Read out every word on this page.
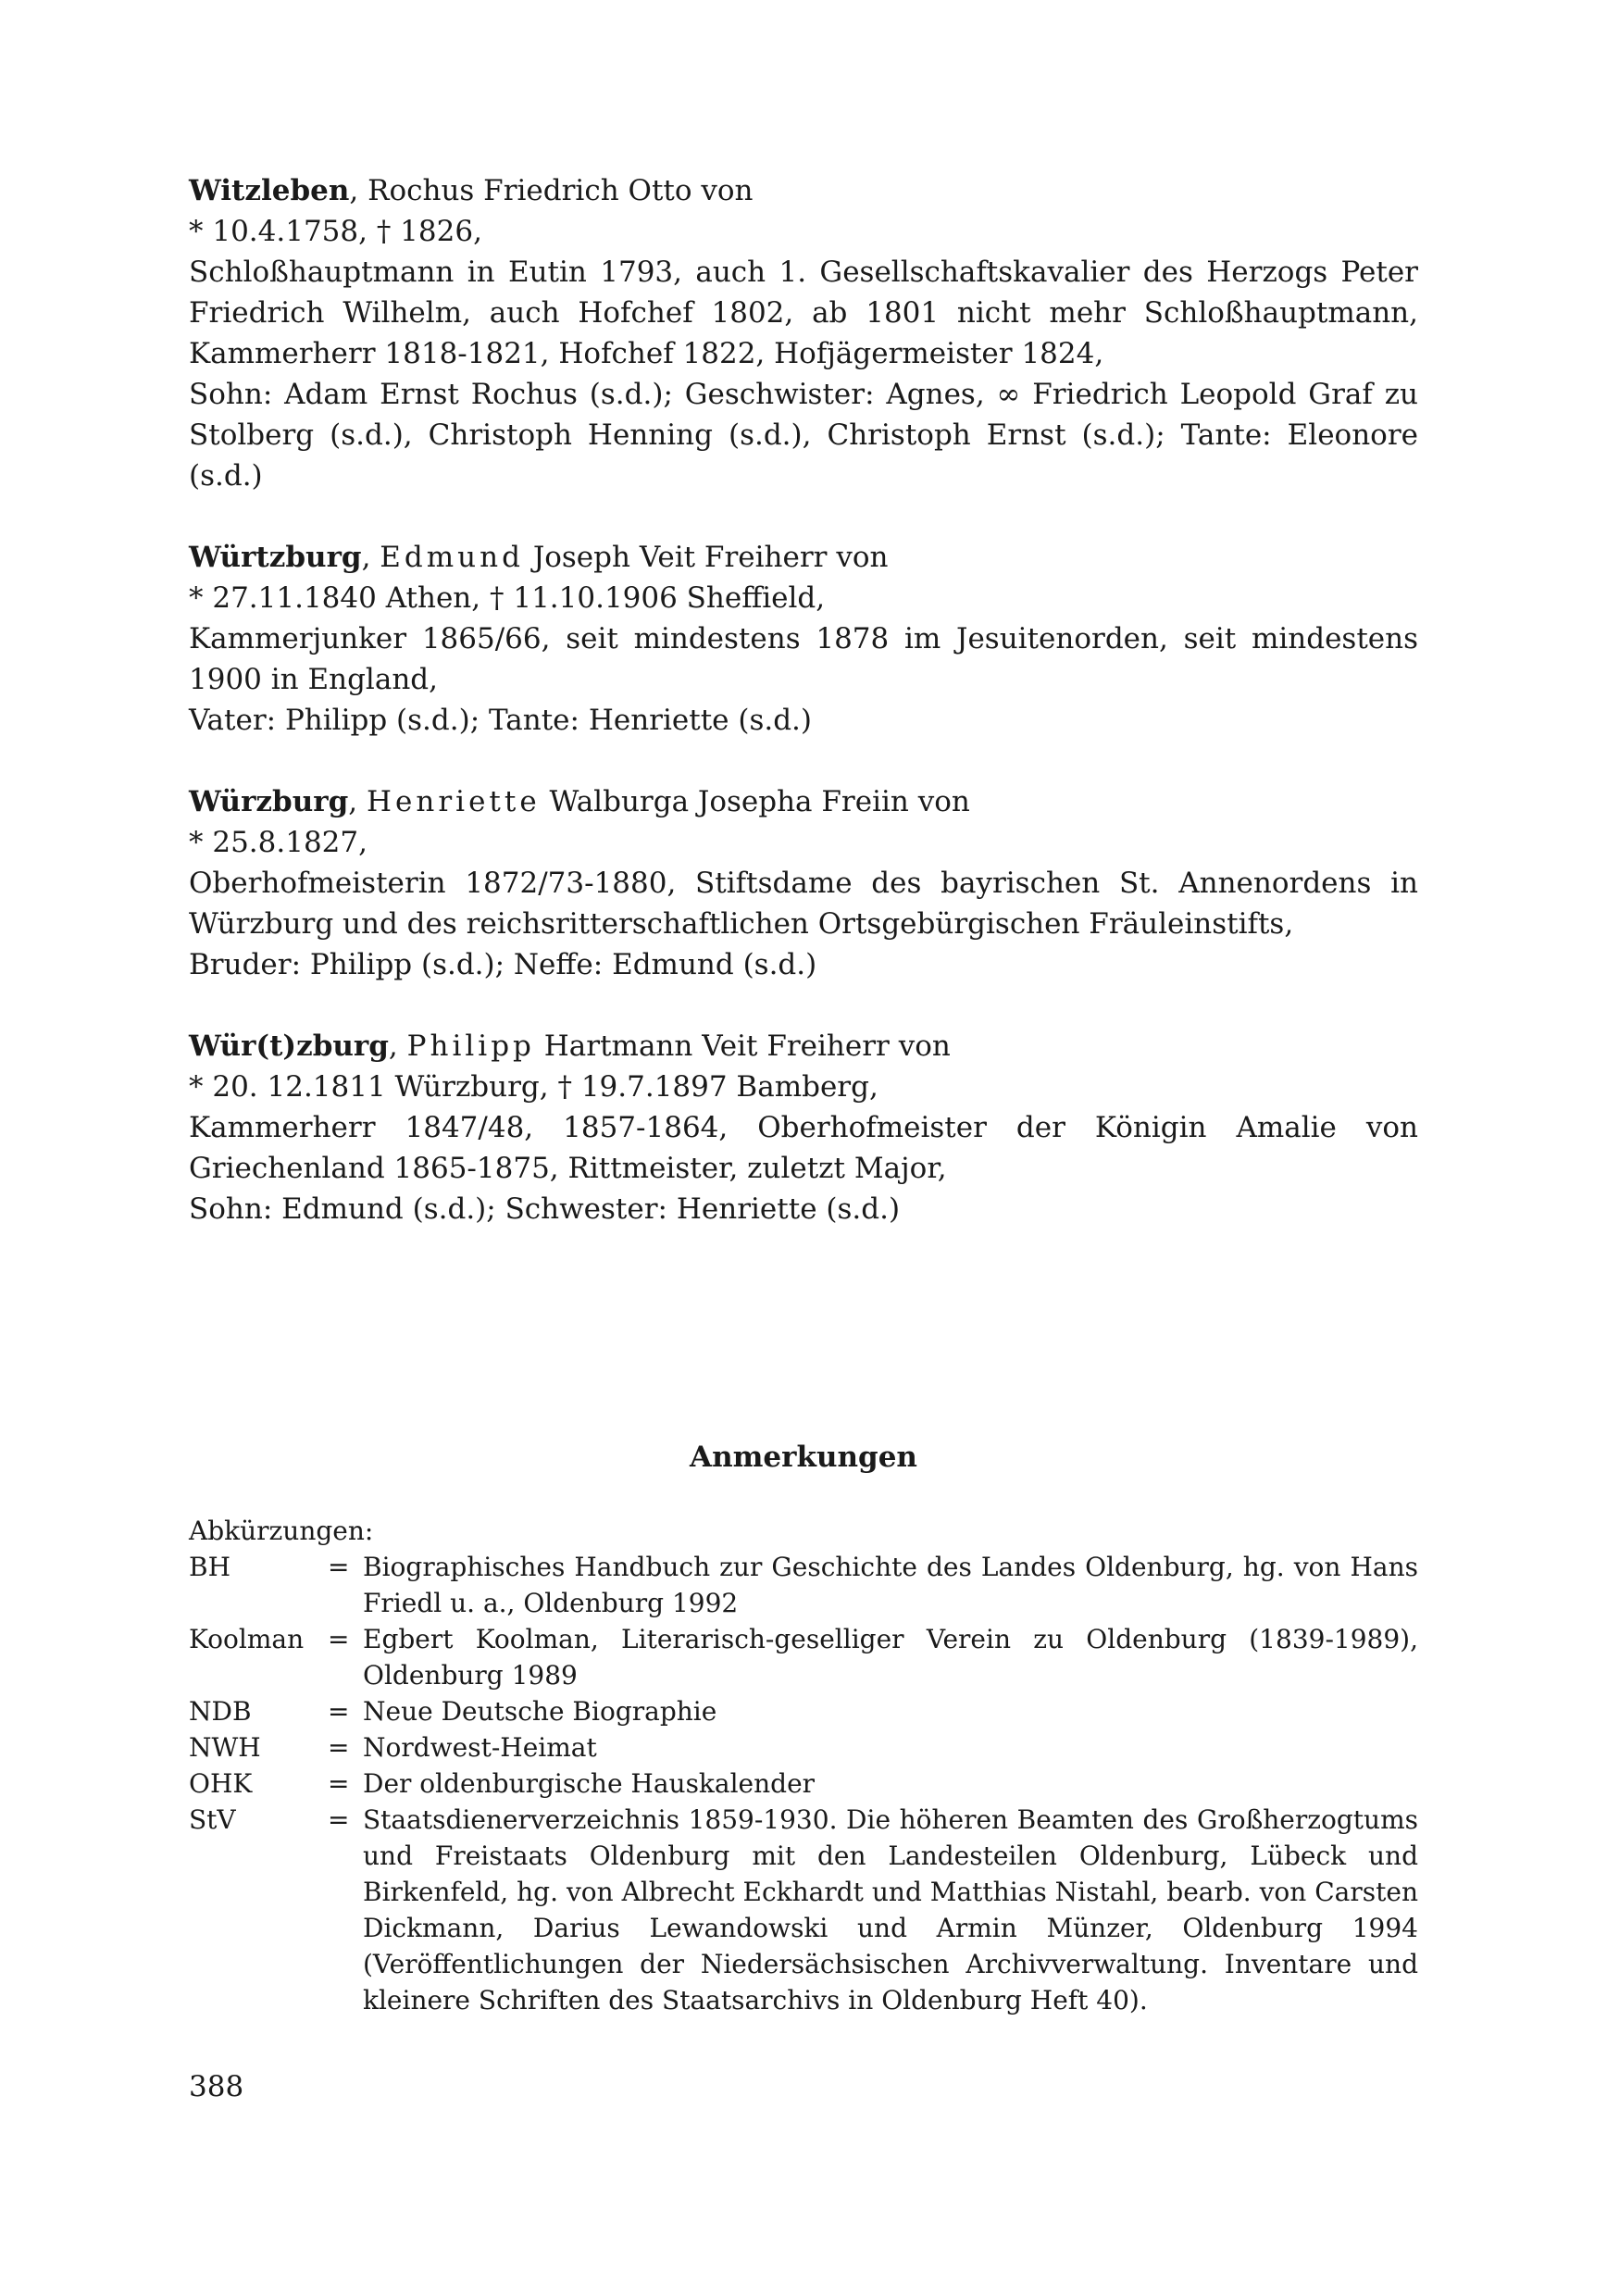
Witzleben, Rochus Friedrich Otto von

* 10.4.1758, † 1826,

Schloßhauptmann in Eutin 1793, auch 1. Gesellschaftskavalier des Herzogs Peter Friedrich Wilhelm, auch Hofchef 1802, ab 1801 nicht mehr Schloßhauptmann, Kammerherr 1818-1821, Hofchef 1822, Hofjägermeister 1824,
Sohn: Adam Ernst Rochus (s.d.); Geschwister: Agnes, ∞ Friedrich Leopold Graf zu Stolberg (s.d.), Christoph Henning (s.d.), Christoph Ernst (s.d.); Tante: Eleonore (s.d.)

Würtzburg, Edmund Joseph Veit Freiherr von

* 27.11.1840 Athen, † 11.10.1906 Sheffield,

Kammerjunker 1865/66, seit mindestens 1878 im Jesuitenorden, seit mindestens 1900 in England,
Vater: Philipp (s.d.); Tante: Henriette (s.d.)

Würzburg, Henriette Walburga Josepha Freiin von

* 25.8.1827,

Oberhofmeisterin 1872/73-1880, Stiftsdame des bayrischen St. Annenordens in Würzburg und des reichsritterschaftlichen Ortsgebürgischen Fräuleinstifts,
Bruder: Philipp (s.d.); Neffe: Edmund (s.d.)

Wür(t)zburg, Philipp Hartmann Veit Freiherr von

* 20. 12.1811 Würzburg, † 19.7.1897 Bamberg,

Kammerherr 1847/48, 1857-1864, Oberhofmeister der Königin Amalie von Griechenland 1865-1875, Rittmeister, zuletzt Major,
Sohn: Edmund (s.d.); Schwester: Henriette (s.d.)

Anmerkungen

Abkürzungen:

BH	=	Biographisches Handbuch zur Geschichte des Landes Oldenburg, hg. von Hans Friedl u. a., Oldenburg 1992
Koolman	=	Egbert Koolman, Literarisch-geselliger Verein zu Oldenburg (1839-1989), Oldenburg 1989
NDB	=	Neue Deutsche Biographie
NWH	=	Nordwest-Heimat
OHK	=	Der oldenburgische Hauskalender
StV	=	Staatsdienerverzeichnis 1859-1930. Die höheren Beamten des Großherzogtums und Freistaats Oldenburg mit den Landesteilen Oldenburg, Lübeck und Birkenfeld, hg. von Albrecht Eckhardt und Matthias Nistahl, bearb. von Carsten Dickmann, Darius Lewandowski und Armin Münzer, Oldenburg 1994 (Veröffentlichungen der Niedersächsischen Archivverwaltung. Inventare und kleinere Schriften des Staatsarchivs in Oldenburg Heft 40).

388
